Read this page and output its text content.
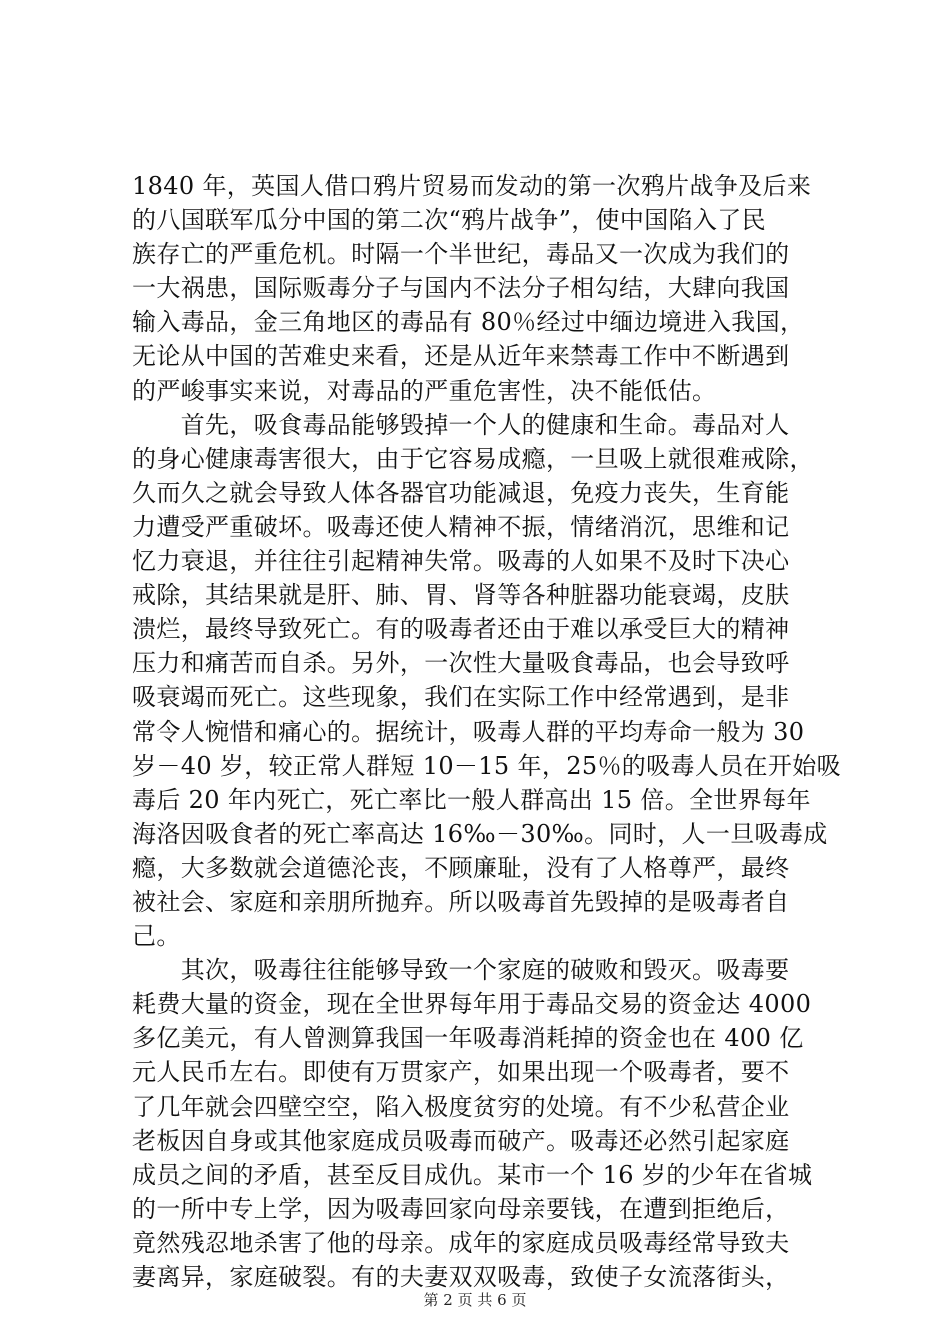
1840 年，英国人借口鸦片贸易而发动的第一次鸦片战争及后来
的八国联军瓜分中国的第二次“鸦片战争”，使中国陷入了民
族存亡的严重危机。时隔一个半世纪，毒品又一次成为我们的
一大祸患，国际贩毒分子与国内不法分子相勾结，大肆向我国
输入毒品，金三角地区的毒品有 80％经过中缅边境进入我国，
无论从中国的苦难史来看，还是从近年来禁毒工作中不断遇到
的严峻事实来说，对毒品的严重危害性，决不能低估。
　　首先，吸食毒品能够毁掉一个人的健康和生命。毒品对人
的身心健康毒害很大，由于它容易成瘾，一旦吸上就很难戒除，
久而久之就会导致人体各器官功能减退，免疫力丧失，生育能
力遭受严重破坏。吸毒还使人精神不振，情绪消沉，思维和记
忆力衰退，并往往引起精神失常。吸毒的人如果不及时下决心
戒除，其结果就是肝、肺、胃、肾等各种脏器功能衰竭，皮肤
溃烂，最终导致死亡。有的吸毒者还由于难以承受巨大的精神
压力和痛苦而自杀。另外，一次性大量吸食毒品，也会导致呼
吸衰竭而死亡。这些现象，我们在实际工作中经常遇到，是非
常令人惋惜和痛心的。据统计，吸毒人群的平均寿命一般为 30
岁－40 岁，较正常人群短 10－15 年，25％的吸毒人员在开始吸
毒后 20 年内死亡，死亡率比一般人群高出 15 倍。全世界每年
海洛因吸食者的死亡率高达 16‰－30‰。同时，人一旦吸毒成
瘾，大多数就会道德沦丧，不顾廉耻，没有了人格尊严，最终
被社会、家庭和亲朋所抛弃。所以吸毒首先毁掉的是吸毒者自
己。
　　其次，吸毒往往能够导致一个家庭的破败和毁灭。吸毒要
耗费大量的资金，现在全世界每年用于毒品交易的资金达 4000
多亿美元，有人曾测算我国一年吸毒消耗掉的资金也在 400 亿
元人民币左右。即使有万贯家产，如果出现一个吸毒者，要不
了几年就会四壁空空，陷入极度贫穷的处境。有不少私营企业
老板因自身或其他家庭成员吸毒而破产。吸毒还必然引起家庭
成员之间的矛盾，甚至反目成仇。某市一个 16 岁的少年在省城
的一所中专上学，因为吸毒回家向母亲要钱，在遭到拒绝后，
竟然残忍地杀害了他的母亲。成年的家庭成员吸毒经常导致夫
妻离异，家庭破裂。有的夫妻双双吸毒，致使子女流落街头，
第 2 页 共 6 页
